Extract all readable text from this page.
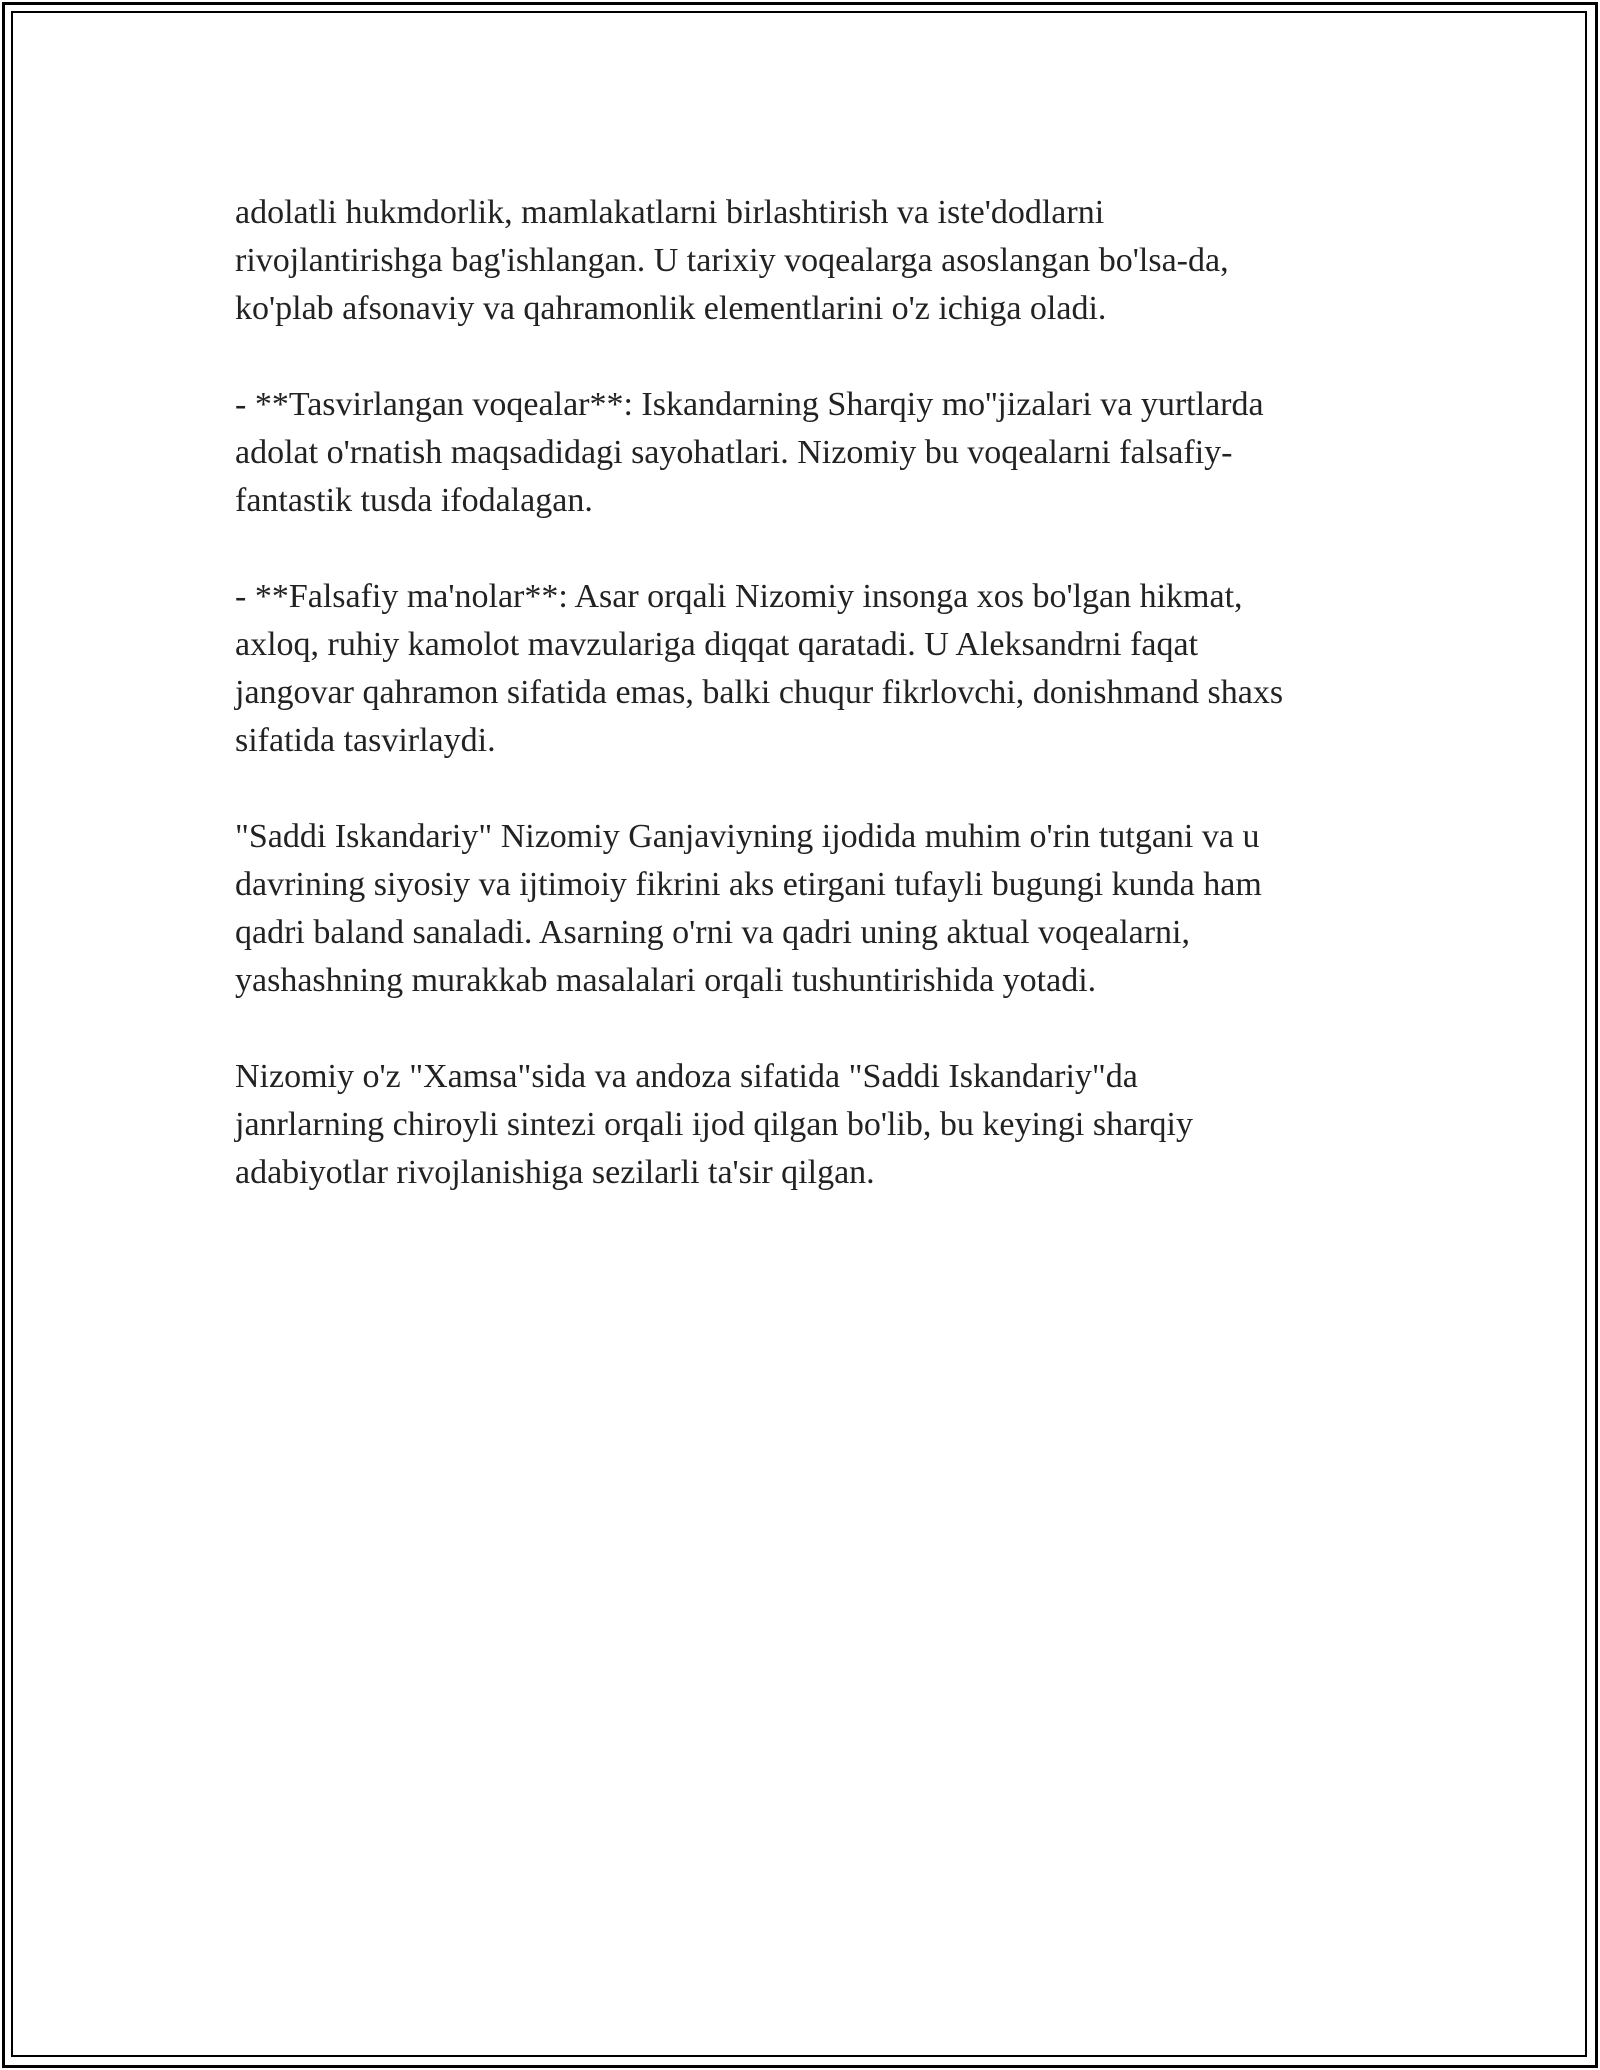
adolatli hukmdorlik, mamlakatlarni birlashtirish va iste'dodlarni
rivojlantirishga bag'ishlangan. U tarixiy voqealarga asoslangan bo'lsa-da,
ko'plab afsonaviy va qahramonlik elementlarini o'z ichiga oladi.

- **Tasvirlangan voqealar**: Iskandarning Sharqiy mo''jizalari va yurtlarda
adolat o'rnatish maqsadidagi sayohatlari. Nizomiy bu voqealarni falsafiy-
fantastik tusda ifodalagan.

- **Falsafiy ma'nolar**: Asar orqali Nizomiy insonga xos bo'lgan hikmat,
axloq, ruhiy kamolot mavzulariga diqqat qaratadi. U Aleksandrni faqat
jangovar qahramon sifatida emas, balki chuqur fikrlovchi, donishmand shaxs
sifatida tasvirlaydi.

"Saddi Iskandariy" Nizomiy Ganjaviyning ijodida muhim o'rin tutgani va u
davrining siyosiy va ijtimoiy fikrini aks etirgani tufayli bugungi kunda ham
qadri baland sanaladi. Asarning o'rni va qadri uning aktual voqealarni,
yashashning murakkab masalalari orqali tushuntirishida yotadi.

Nizomiy o'z "Xamsa"sida va andoza sifatida "Saddi Iskandariy"da
janrlarning chiroyli sintezi orqali ijod qilgan bo'lib, bu keyingi sharqiy
adabiyotlar rivojlanishiga sezilarli ta'sir qilgan.
